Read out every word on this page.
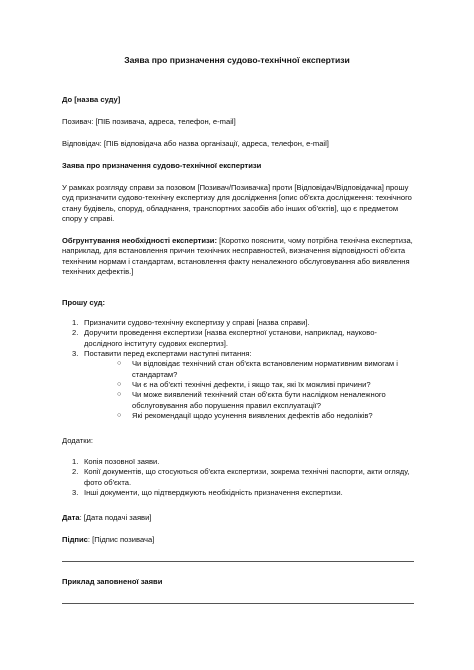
Заява про призначення судово-технічної експертизи
До [назва суду]
Позивач: [ПІБ позивача, адреса, телефон, e-mail]
Відповідач: [ПІБ відповідача або назва організації, адреса, телефон, e-mail]
Заява про призначення судово-технічної експертизи

У рамках розгляду справи за позовом [Позивач/Позивачка] проти [Відповідач/Відповідачка] прошу суд призначити судово-технічну експертизу для дослідження [опис об'єкта дослідження: технічного стану будівель, споруд, обладнання, транспортних засобів або інших об'єктів], що є предметом спору у справі.

Обгрунтування необхідності експертизи: [Коротко пояснити, чому потрібна технічна експертиза, наприклад, для встановлення причин технічних несправностей, визначення відповідності об'єкта технічним нормам і стандартам, встановлення факту неналежного обслуговування або виявлення технічних дефектів.]

Прошу суд:
1. Призначити судово-технічну експертизу у справі [назва справи].
2. Доручити проведення експертизи [назва експертної установи, наприклад, науково-дослідного інституту судових експертиз].
3. Поставити перед експертами наступні питання:
○ Чи відповідає технічний стан об'єкта встановленим нормативним вимогам і стандартам?
○ Чи є на об'єкті технічні дефекти, і якщо так, які їх можливі причини?
○ Чи може виявлений технічний стан об'єкта бути наслідком неналежного обслуговування або порушення правил експлуатації?
○ Які рекомендації щодо усунення виявлених дефектів або недоліків?
Додатки:
1. Копія позовної заяви.
2. Копії документів, що стосуються об'єкта експертизи, зокрема технічні паспорти, акти огляду, фото об'єкта.
3. Інші документи, що підтверджують необхідність призначення експертизи.
Дата: [Дата подачі заяви]
Підпис: [Підпис позивача]
Приклад заповненої заяви
